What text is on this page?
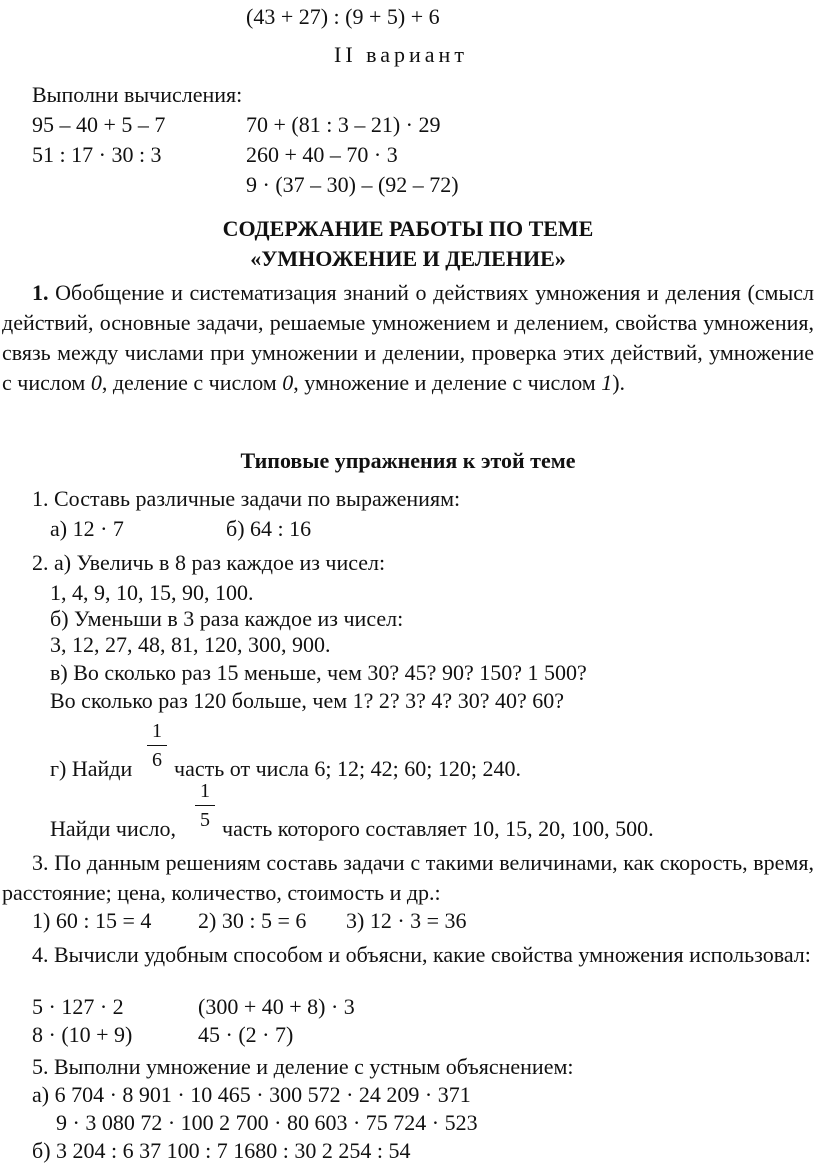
(43 + 27) : (9 + 5) + 6
II вариант
Выполни вычисления:
95 – 40 + 5 – 7
51 : 17 · 30 : 3
70 + (81 : 3 – 21) · 29
260 + 40 – 70 · 3
9 · (37 – 30) – (92 – 72)
СОДЕРЖАНИЕ РАБОТЫ ПО ТЕМЕ
«УМНОЖЕНИЕ И ДЕЛЕНИЕ»
1. Обобщение и систематизация знаний о действиях умножения и деления (смысл действий, основные задачи, решаемые умножением и делением, свойства умножения, связь между числами при умножении и делении, проверка этих действий, умножение с числом 0, деление с числом 0, умножение и деление с числом 1).
Типовые упражнения к этой теме
1. Составь различные задачи по выражениям:
а) 12 · 7	б) 64 : 16
2. а) Увеличь в 8 раз каждое из чисел:
1, 4, 9, 10, 15, 90, 100.
б) Уменьши в 3 раза каждое из чисел:
3, 12, 27, 48, 81, 120, 300, 900.
в) Во сколько раз 15 меньше, чем 30? 45? 90? 150? 1 500?
Во сколько раз 120 больше, чем 1? 2? 3? 4? 30? 40? 60?
г) Найди
1
6 часть от числа 6; 12; 42; 60; 120; 240.
Найди число,
1
5 часть которого составляет 10, 15, 20, 100, 500.
3. По данным решениям составь задачи с такими величинами, как скорость, время, расстояние; цена, количество, стоимость и др.:
1) 60 : 15 = 4 2) 30 : 5 = 6 3) 12 · 3 = 36
4. Вычисли удобным способом и объясни, какие свойства умножения использовал:
5 · 127 · 2
8 · (10 + 9)
(300 + 40 + 8) · 3
45 · (2 · 7)
5. Выполни умножение и деление с устным объяснением:
а) 6 704 · 8 901 · 10 465 · 300 572 · 24 209 · 371
9 · 3 080 72 · 100 2 700 · 80 603 · 75 724 · 523
б) 3 204 : 6 37 100 : 7 1680 : 30 2 254 : 54
